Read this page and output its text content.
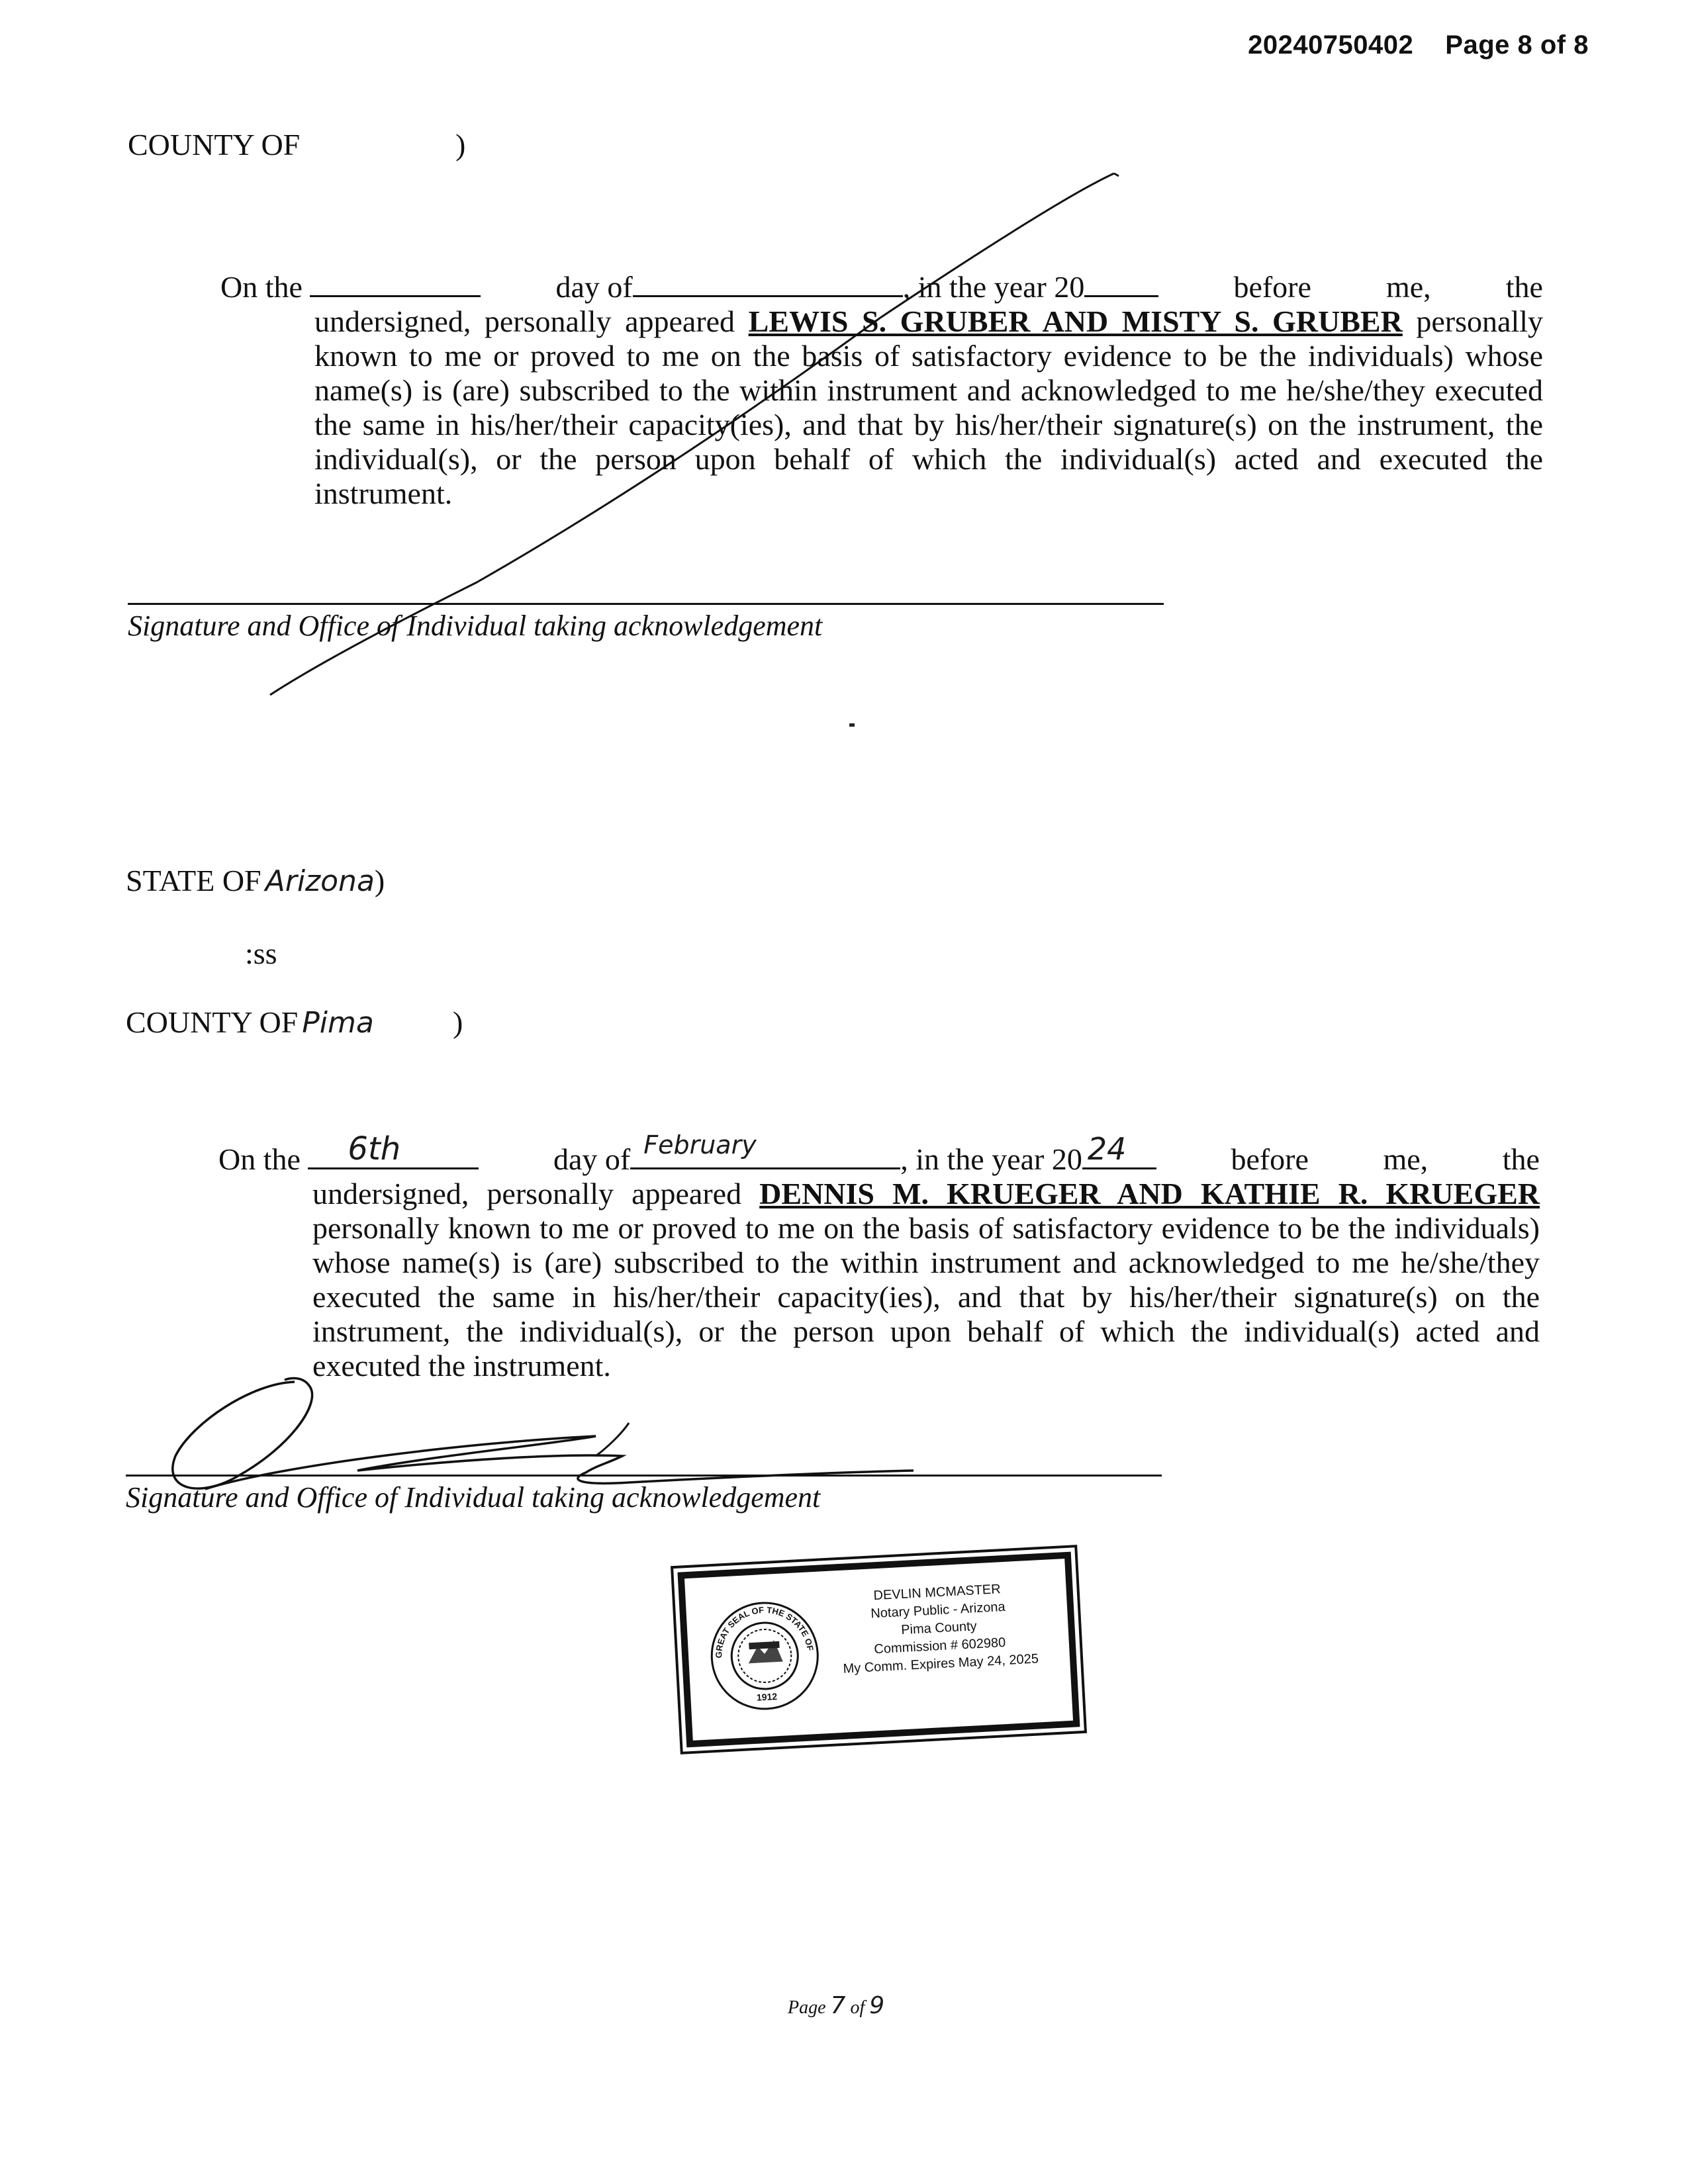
20240750402 Page 8 of 8
COUNTY OF	)
On the	day of	, in the year 20	before me, the
undersigned, personally appeared LEWIS S. GRUBER AND MISTY S. GRUBER personally known to me or proved to me on the basis of satisfactory evidence to be the individuals) whose name(s) is (are) subscribed to the within instrument and acknowledged to me he/she/they executed the same in his/her/their capacity(ies), and that by his/her/their signature(s) on the instrument, the individual(s), or the person upon behalf of which the individual(s) acted and executed the instrument.
Signature and Office of Individual taking acknowledgement
STATE OF Arizona)
:ss
COUNTY OF Pima	)
On the 6th	day of February	, in the year 20 24	before me, the
undersigned, personally appeared DENNIS M. KRUEGER AND KATHIE R. KRUEGER personally known to me or proved to me on the basis of satisfactory evidence to be the individuals) whose name(s) is (are) subscribed to the within instrument and acknowledged to me he/she/they executed the same in his/her/their capacity(ies), and that by his/her/their signature(s) on the instrument, the individual(s), or the person upon behalf of which the individual(s) acted and executed the instrument.
Signature and Office of Individual taking acknowledgement
GREAT SEAL OF THE STATE OF ARIZONA
1912
DEVLIN MCMASTER
Notary Public - Arizona
Pima County
Commission # 602980
My Comm. Expires May 24, 2025
Page 7 of 9
